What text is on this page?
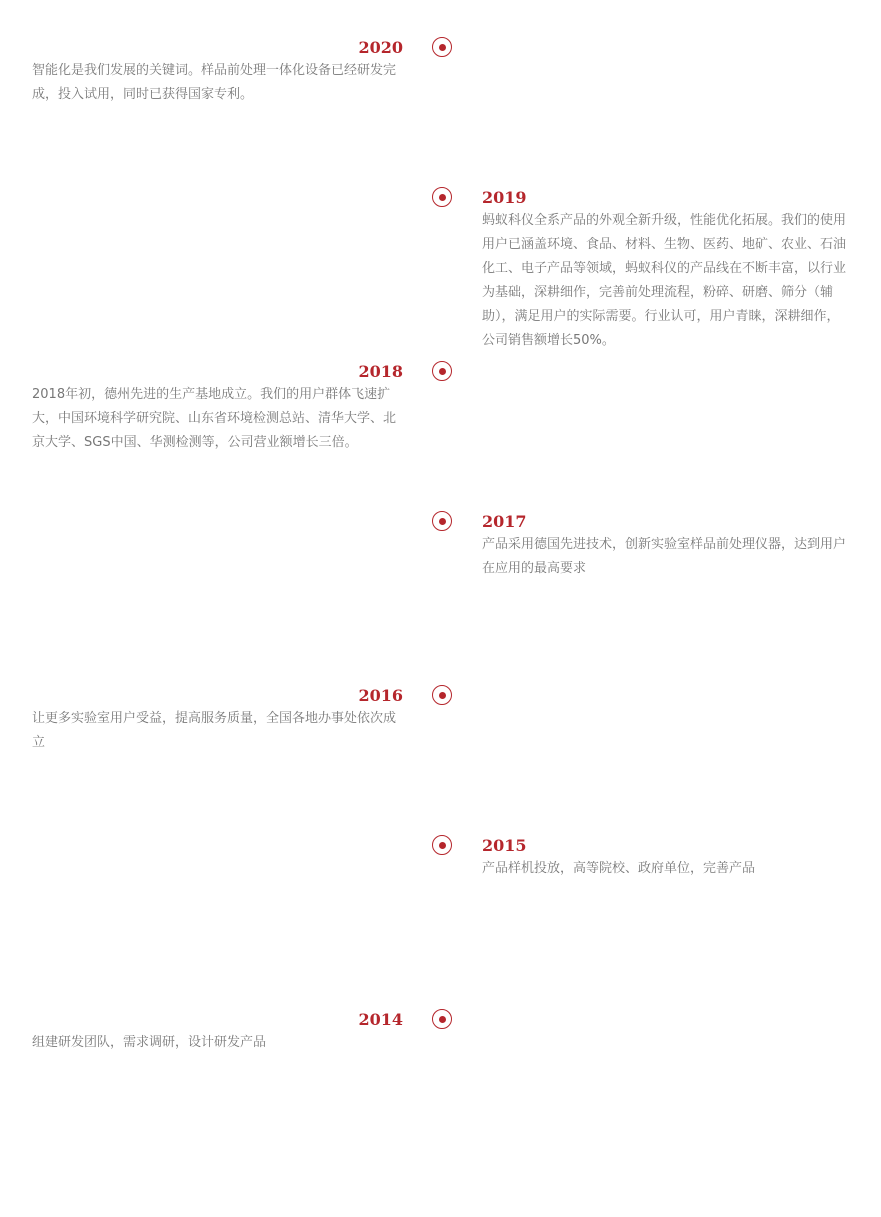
2020

智能化是我们发展的关键词。样品前处理一体化设备已经研发完成，投入试用，同时已获得国家专利。

2019

蚂蚁科仪全系产品的外观全新升级，性能优化拓展。我们的使用用户已涵盖环境、食品、材料、生物、医药、地矿、农业、石油化工、电子产品等领域，蚂蚁科仪的产品线在不断丰富，以行业为基础，深耕细作，完善前处理流程，粉碎、研磨、筛分（辅助），满足用户的实际需要。行业认可，用户青睐，深耕细作，公司销售额增长50%。

2018

2018年初，德州先进的生产基地成立。我们的用户群体飞速扩大，中国环境科学研究院、山东省环境检测总站、清华大学、北京大学、SGS中国、华测检测等，公司营业额增长三倍。

2017

产品采用德国先进技术，创新实验室样品前处理仪器，达到用户在应用的最高要求

2016

让更多实验室用户受益，提高服务质量，全国各地办事处依次成立

2015

产品样机投放，高等院校、政府单位，完善产品

2014

组建研发团队，需求调研，设计研发产品
